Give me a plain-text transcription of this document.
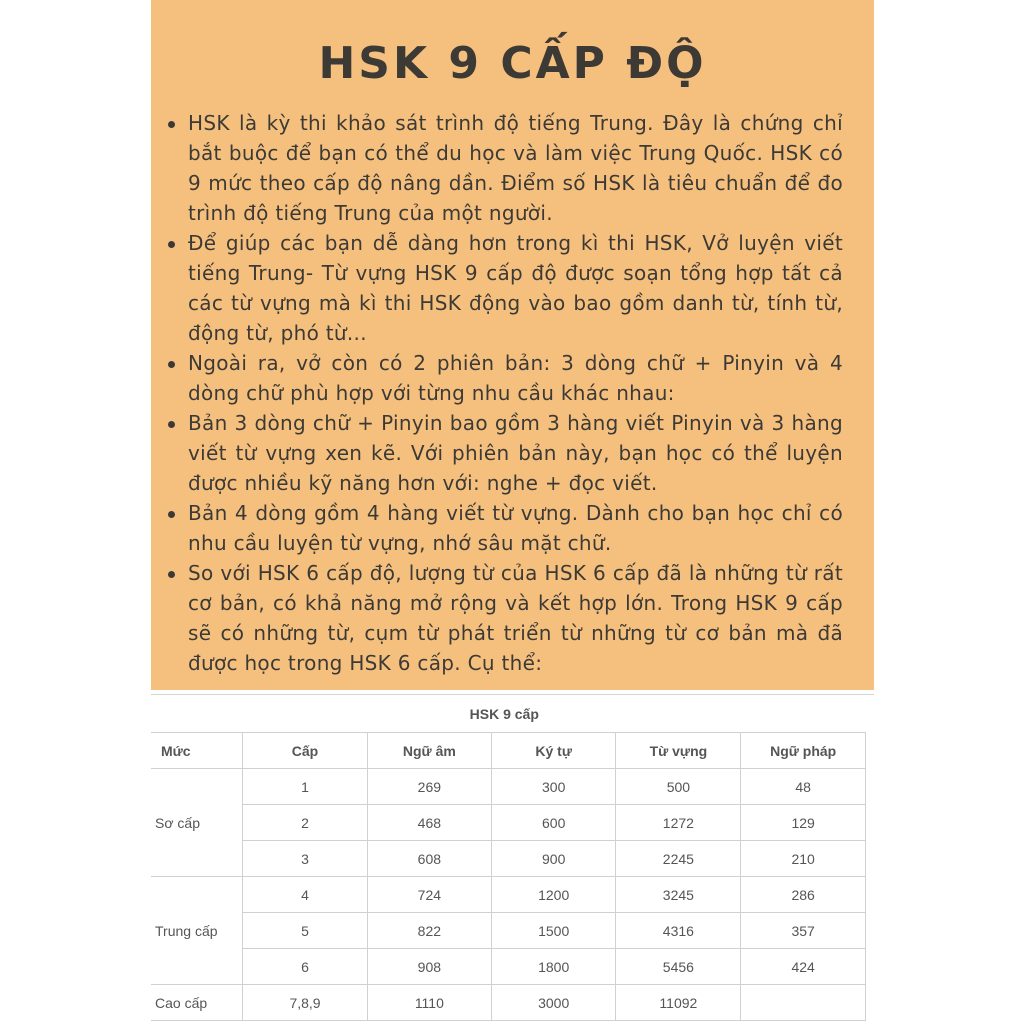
HSK 9 CẤP ĐỘ
HSK là kỳ thi khảo sát trình độ tiếng Trung. Đây là chứng chỉ bắt buộc để bạn có thể du học và làm việc Trung Quốc. HSK có 9 mức theo cấp độ nâng dần. Điểm số HSK là tiêu chuẩn để đo trình độ tiếng Trung của một người.
Để giúp các bạn dễ dàng hơn trong kì thi HSK, Vở luyện viết tiếng Trung- Từ vựng HSK 9 cấp độ được soạn tổng hợp tất cả các từ vựng mà kì thi HSK động vào bao gồm danh từ, tính từ, động từ, phó từ...
Ngoài ra, vở còn có 2 phiên bản: 3 dòng chữ + Pinyin và 4 dòng chữ phù hợp với từng nhu cầu khác nhau:
Bản 3 dòng chữ + Pinyin bao gồm 3 hàng viết Pinyin và 3 hàng viết từ vựng xen kẽ. Với phiên bản này, bạn học có thể luyện được nhiều kỹ năng hơn với: nghe + đọc viết.
Bản 4 dòng gồm 4 hàng viết từ vựng. Dành cho bạn học chỉ có nhu cầu luyện từ vựng, nhớ sâu mặt chữ.
So với HSK 6 cấp độ, lượng từ của HSK 6 cấp đã là những từ rất cơ bản, có khả năng mở rộng và kết hợp lớn. Trong HSK 9 cấp sẽ có những từ, cụm từ phát triển từ những từ cơ bản mà đã được học trong HSK 6 cấp. Cụ thể:
HSK 9 cấp					
Mức	Cấp	Ngữ âm	Ký tự	Từ vựng	Ngữ pháp
Sơ cấp	1	269	300	500	48
	2	468	600	1272	129
	3	608	900	2245	210
Trung cấp	4	724	1200	3245	286
	5	822	1500	4316	357
	6	908	1800	5456	424
Cao cấp	7,8,9	1110	3000	11092	
